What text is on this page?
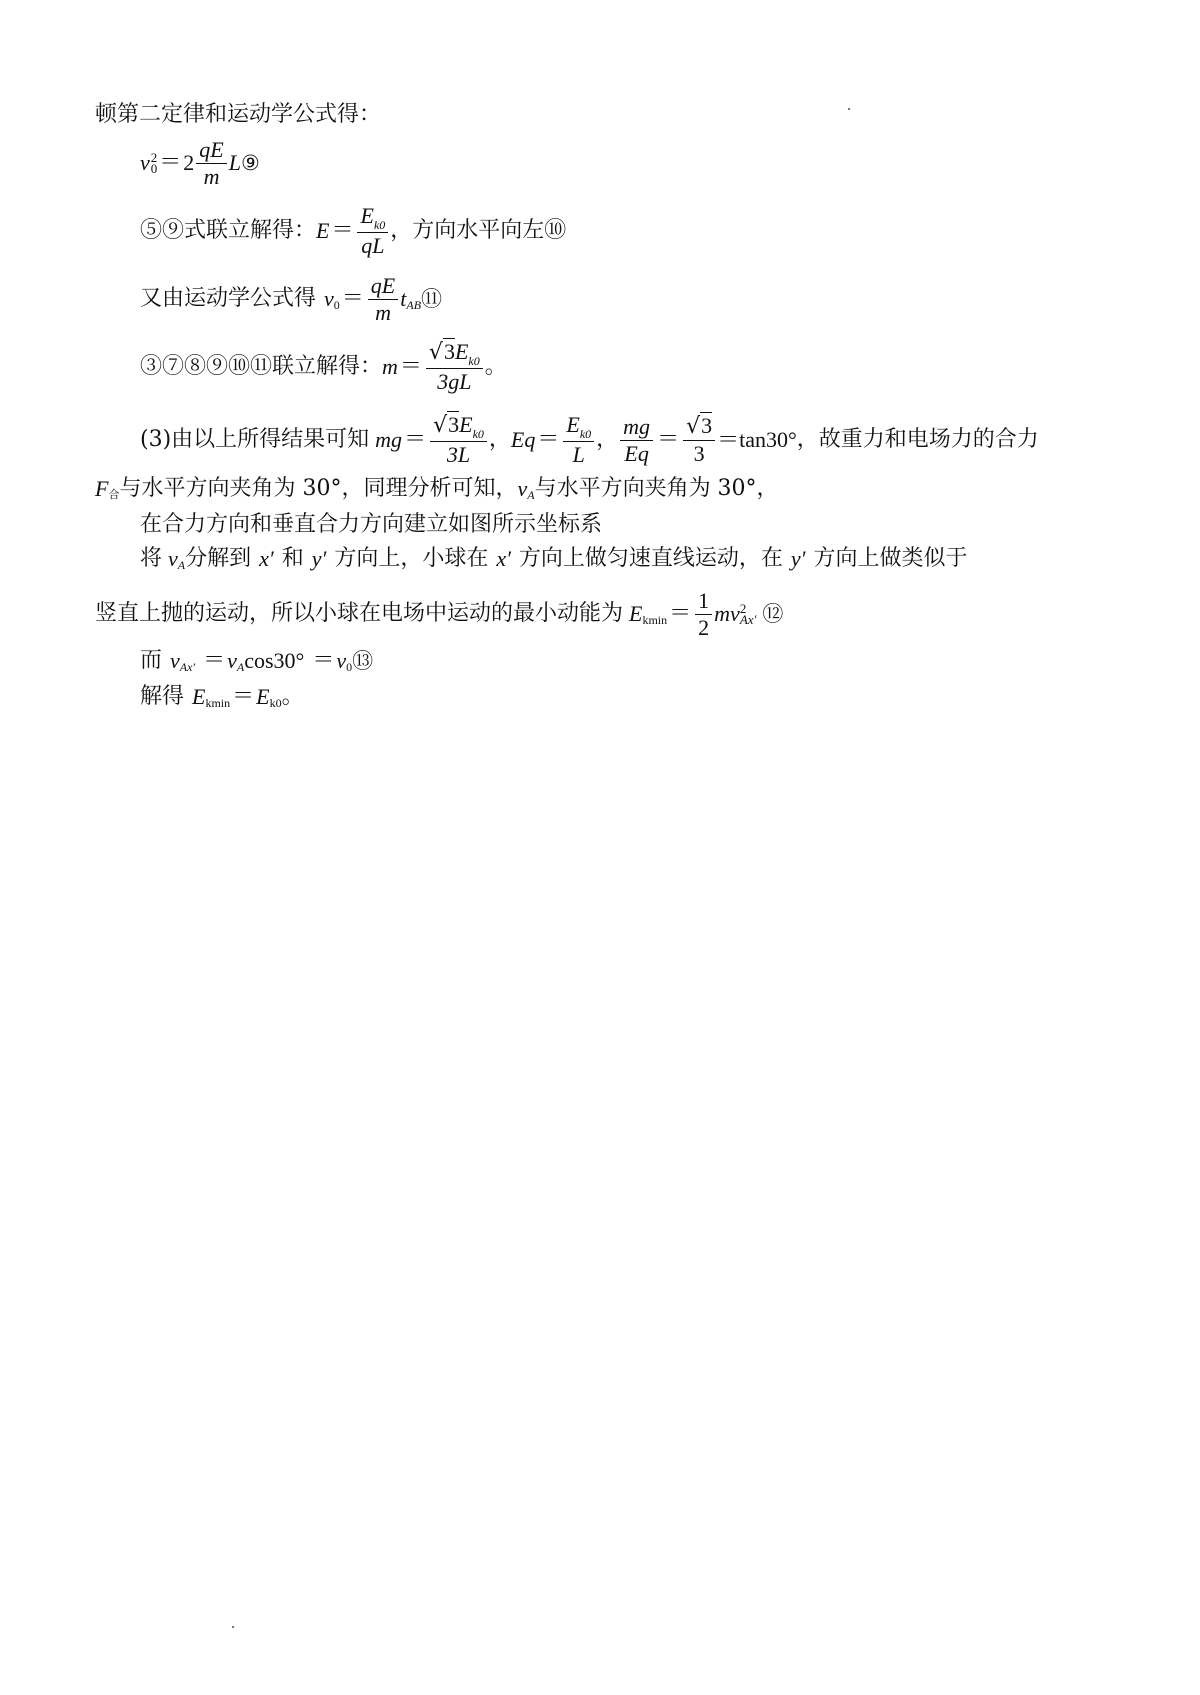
顿第二定律和运动学公式得：
v 2
$0 = 2 \frac{qE}{m}$ L ⑨
⑤⑨式联立解得： $E = \frac{E_{k0}}{qL}$ ，方向水平向左⑩
又由运动学公式得 v $0 = \frac{qE}{m}$ t AB ⑪
③⑦⑧⑨⑩⑪联立解得： $m = \frac{√3E_{k0}}{3gL}$ 。
(3)由以上所得结果可知 mg ＝ $\frac{√3E_{k0}}{3L}$ ， $Eq = \frac{E_{k0}}{L}$ ， $\frac{mg}{Eq} = \frac{√3}{3} =\tan 30^\circ$ ，故重力和电场力的合力
F 合 与水平方向夹角为 30°，同理分析可知， v A 与水平方向夹角为 30°，
在合力方向和垂直合力方向建立如图所示坐标系
将 v A 分解到 x′ 和 y′ 方向上，小球在 x′ 方向上做匀速直线运动，在 y′ 方向上做类似于
竖直上抛的运动，所以小球在电场中运动的最小动能为 E $kmin = \frac{1}{2}$ mv 2
Ax′ ⑫
而 v Ax′ ＝ v A cos30° ＝ v 0 ⑬
解得 E kmin ＝ E k0 。
